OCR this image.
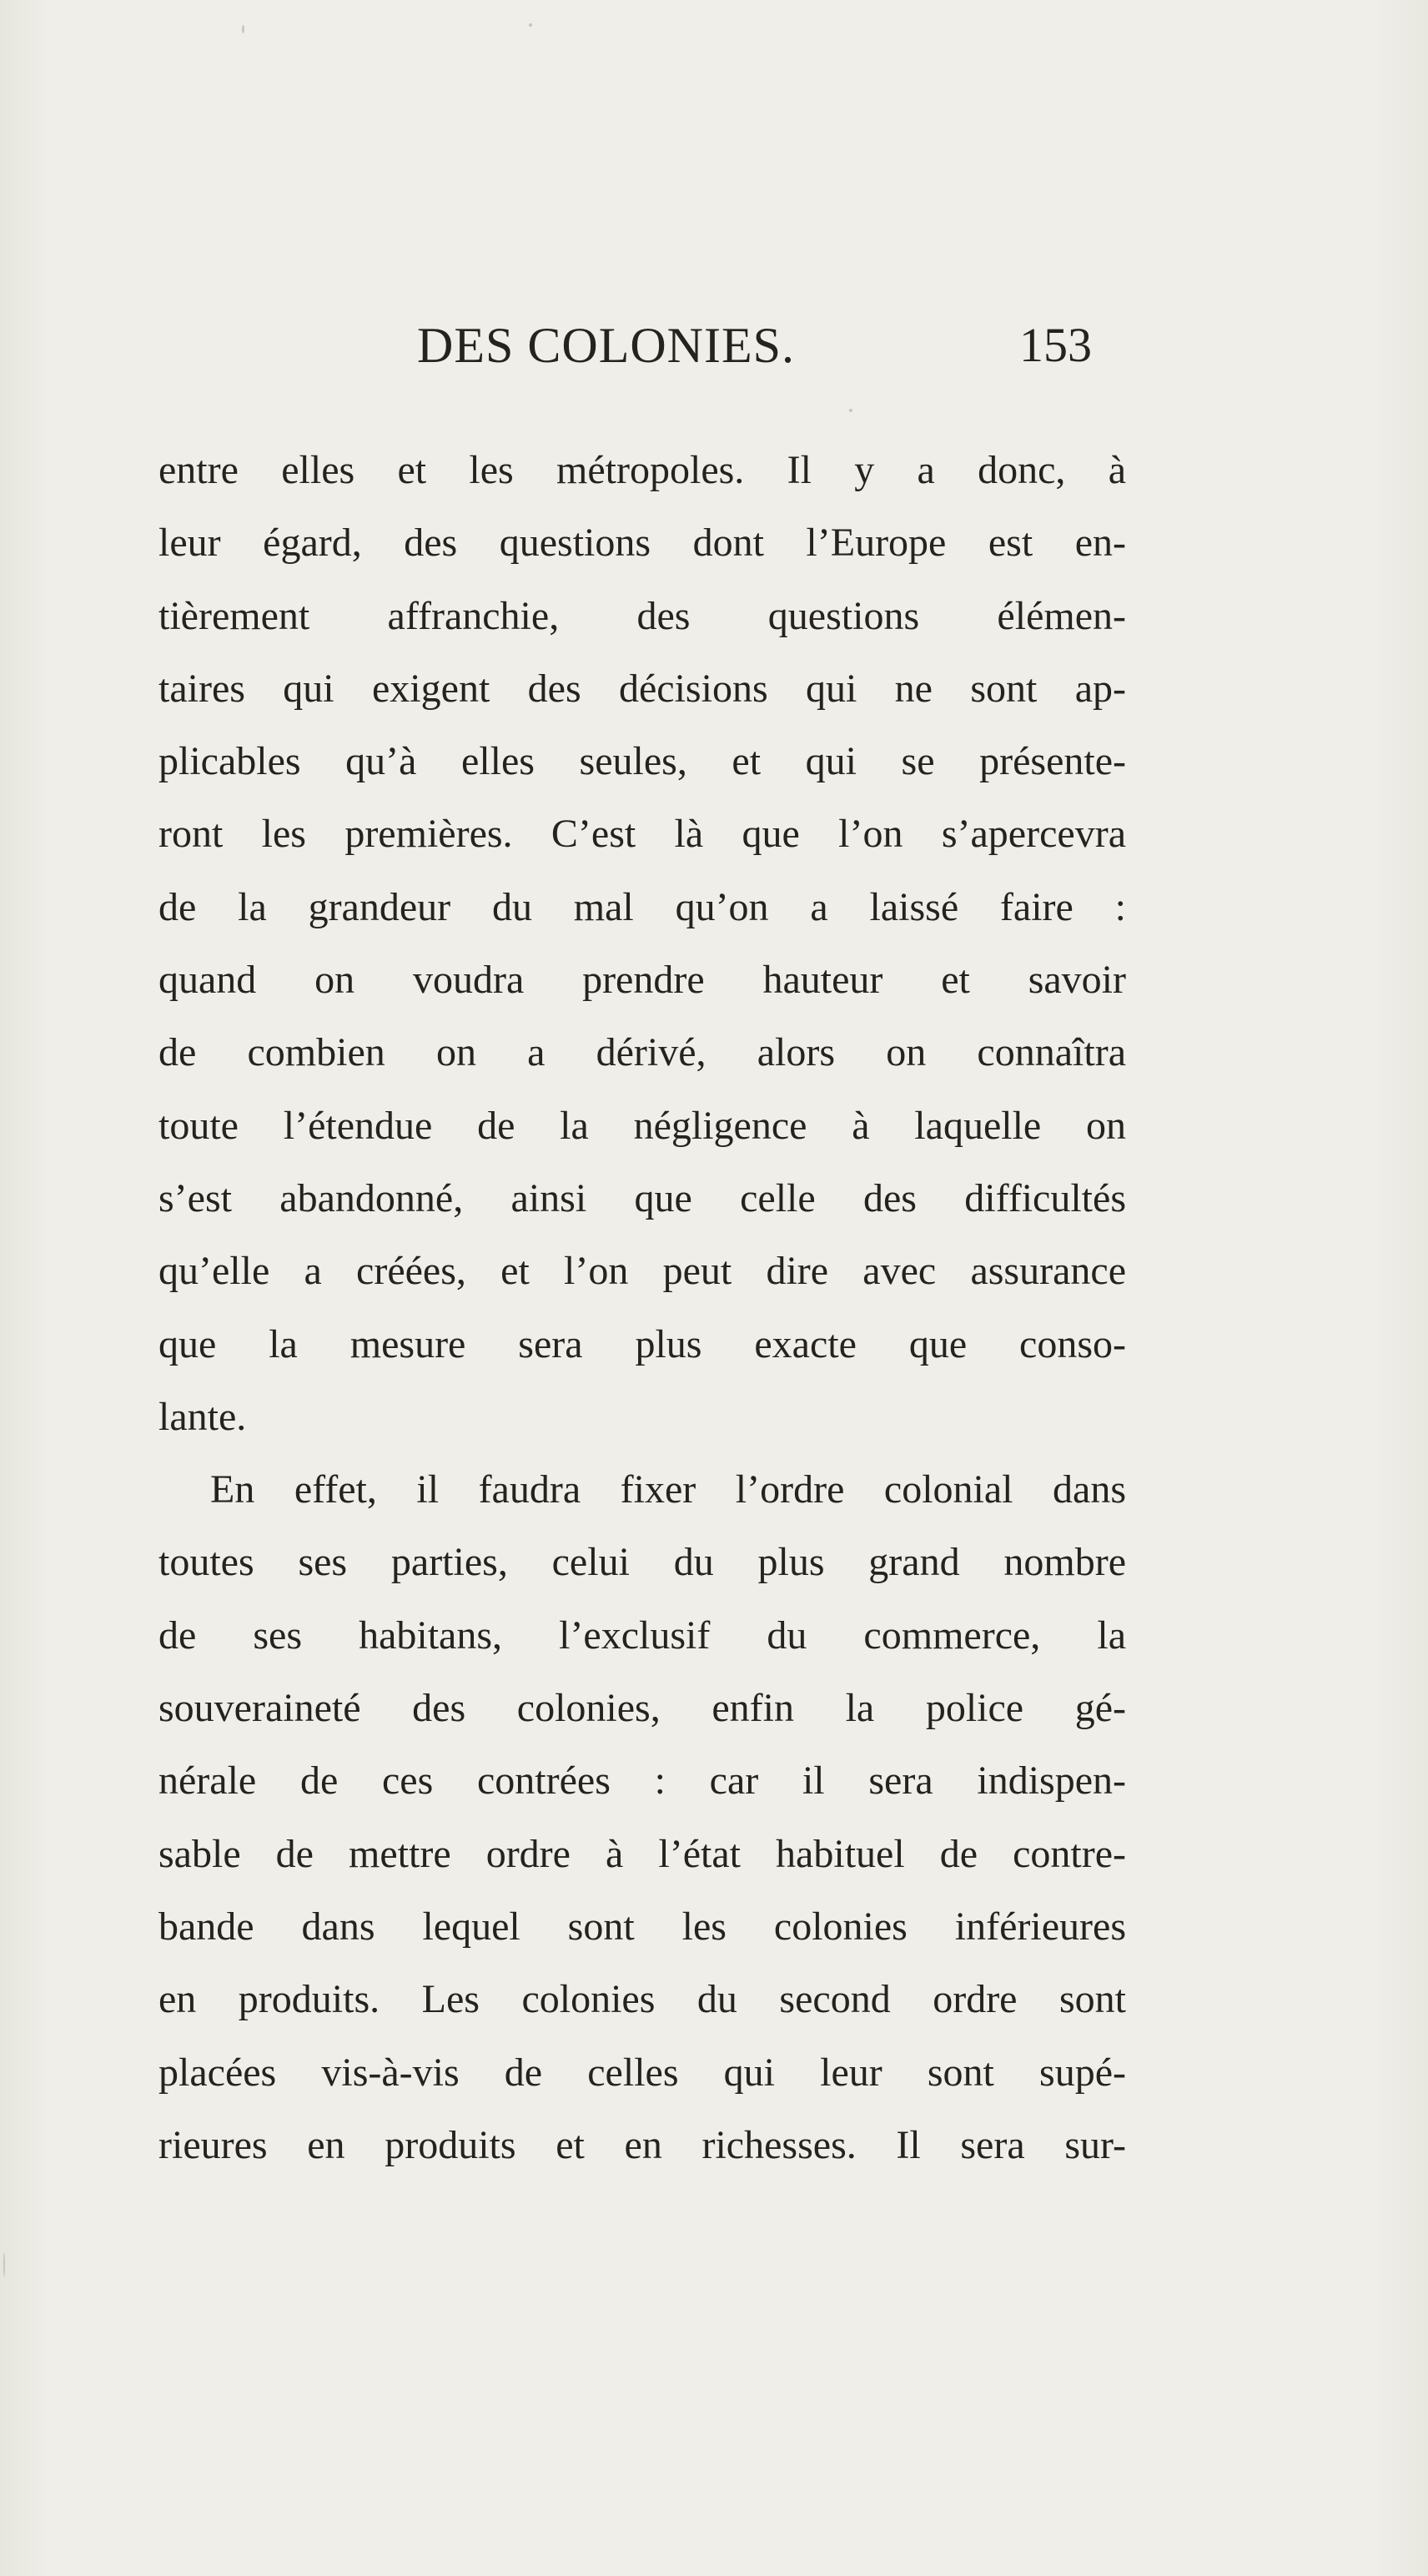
DES COLONIES.	153
entre elles et les métropoles. Il y a donc, à
leur égard, des questions dont l’Europe est en-
tièrement affranchie, des questions élémen-
taires qui exigent des décisions qui ne sont ap-
plicables qu’à elles seules, et qui se présente-
ront les premières. C’est là que l’on s’apercevra
de la grandeur du mal qu’on a laissé faire :
quand on voudra prendre hauteur et savoir
de combien on a dérivé, alors on connaîtra
toute l’étendue de la négligence à laquelle on
s’est abandonné, ainsi que celle des difficultés
qu’elle a créées, et l’on peut dire avec assurance
que la mesure sera plus exacte que conso-
lante.
En effet, il faudra fixer l’ordre colonial dans
toutes ses parties, celui du plus grand nombre
de ses habitans, l’exclusif du commerce, la
souveraineté des colonies, enfin la police gé-
nérale de ces contrées : car il sera indispen-
sable de mettre ordre à l’état habituel de contre-
bande dans lequel sont les colonies inférieures
en produits. Les colonies du second ordre sont
placées vis-à-vis de celles qui leur sont supé-
rieures en produits et en richesses. Il sera sur-
